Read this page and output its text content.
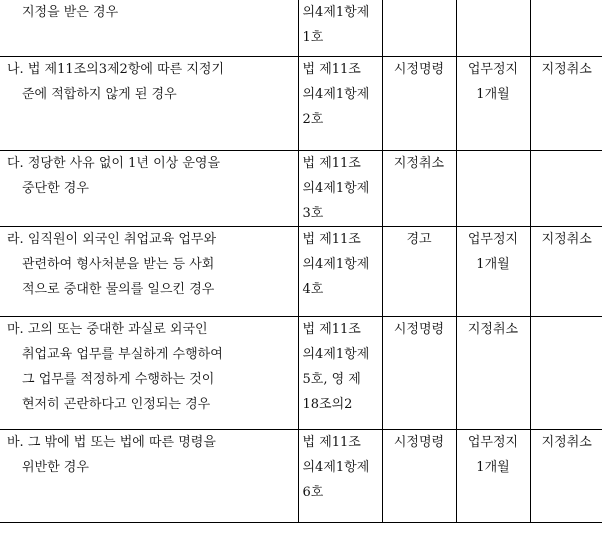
지정을 받은 경우	의4제1항제
1호			

나. 법 제11조의3제2항에 따른 지정기
준에 적합하지 않게 된 경우	법 제11조
의4제1항제
2호	시정명령	업무정지
1개월	지정취소

다. 정당한 사유 없이 1년 이상 운영을
중단한 경우	법 제11조
의4제1항제
3호	지정취소		

라. 임직원이 외국인 취업교육 업무와
관련하여 형사처분을 받는 등 사회
적으로 중대한 물의를 일으킨 경우	법 제11조
의4제1항제
4호	경고	업무정지
1개월	지정취소

마. 고의 또는 중대한 과실로 외국인
취업교육 업무를 부실하게 수행하여
그 업무를 적정하게 수행하는 것이
현저히 곤란하다고 인정되는 경우	법 제11조
의4제1항제
5호, 영 제
18조의2	시정명령	지정취소	

바. 그 밖에 법 또는 법에 따른 명령을
위반한 경우	법 제11조
의4제1항제
6호	시정명령	업무정지
1개월	지정취소
